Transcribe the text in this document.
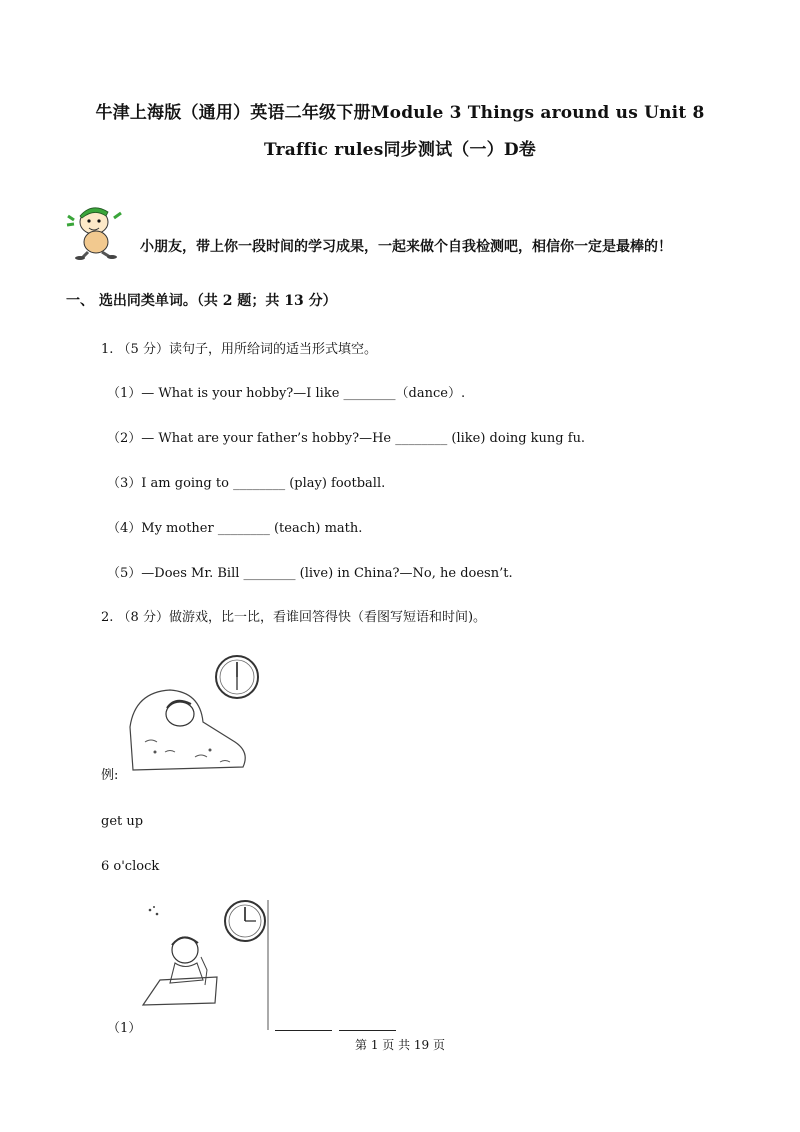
牛津上海版（通用）英语二年级下册Module 3 Things around us Unit 8
Traffic rules同步测试（一）D卷
小朋友，带上你一段时间的学习成果，一起来做个自我检测吧，相信你一定是最棒的！
一、 选出同类单词。（共 2 题；共 13 分）
1. （5 分）读句子，用所给词的适当形式填空。
（1）— What is your hobby?—I like ________（dance）.
（2）— What are your father’s hobby?—He ________ (like) doing kung fu.
（3）I am going to ________ (play) football.
（4）My mother ________ (teach) math.
（5）—Does Mr. Bill ________ (live) in China?—No, he doesn’t.
2. （8 分）做游戏，比一比，看谁回答得快（看图写短语和时间)。
例:
get up
6 o'clock
（1）
第 1 页 共 19 页
